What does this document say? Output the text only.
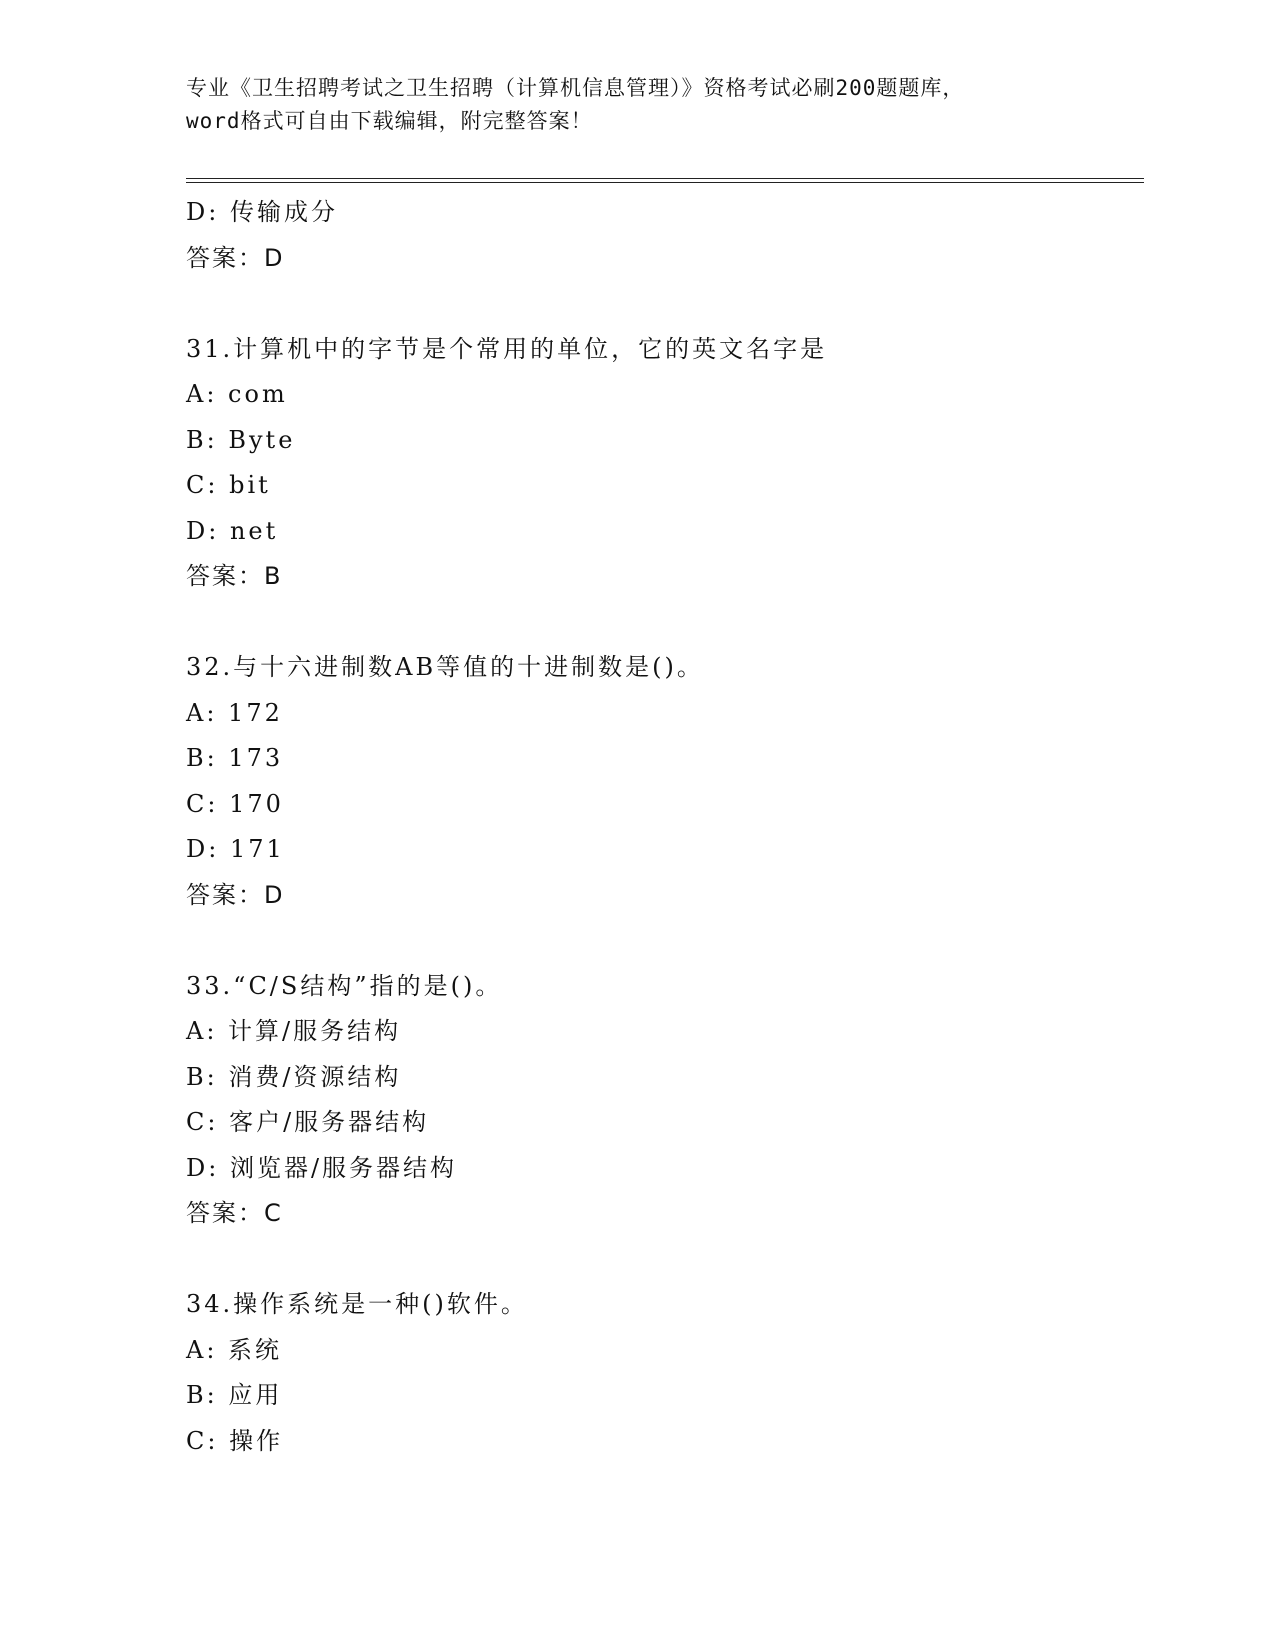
专业《卫生招聘考试之卫生招聘（计算机信息管理）》资格考试必刷200题题库，
word格式可自由下载编辑，附完整答案！
D: 传输成分
答案：D
31.计算机中的字节是个常用的单位，它的英文名字是
A: com
B: Byte
C: bit
D: net
答案：B
32.与十六进制数AB等值的十进制数是()。
A: 172
B: 173
C: 170
D: 171
答案：D
33.“C/S结构”指的是()。
A: 计算/服务结构
B: 消费/资源结构
C: 客户/服务器结构
D: 浏览器/服务器结构
答案：C
34.操作系统是一种()软件。
A: 系统
B: 应用
C: 操作
